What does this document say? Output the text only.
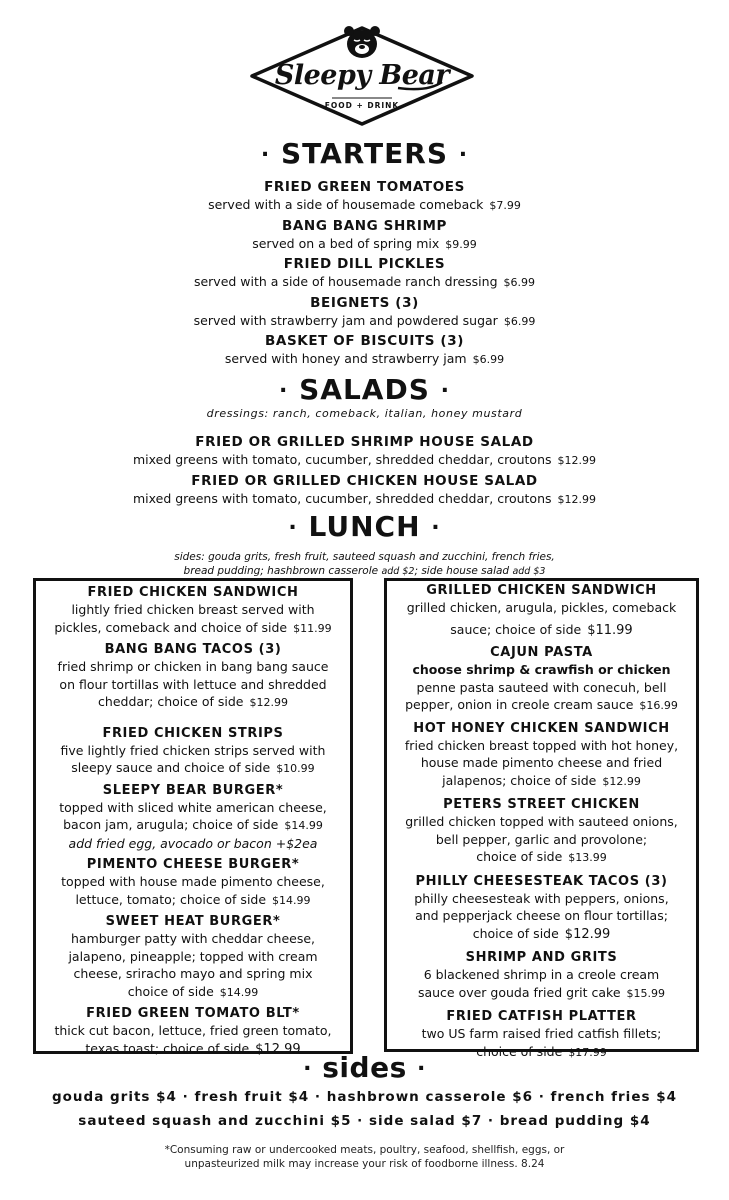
Sleepy Bear
FOOD + DRINK
· STARTERS ·
FRIED GREEN TOMATOES
served with a side of housemade comeback $7.99
BANG BANG SHRIMP
served on a bed of spring mix $9.99
FRIED DILL PICKLES
served with a side of housemade ranch dressing $6.99
BEIGNETS (3)
served with strawberry jam and powdered sugar $6.99
BASKET OF BISCUITS (3)
served with honey and strawberry jam $6.99
· SALADS ·
dressings: ranch, comeback, italian, honey mustard
FRIED OR GRILLED SHRIMP HOUSE SALAD
mixed greens with tomato, cucumber, shredded cheddar, croutons $12.99
FRIED OR GRILLED CHICKEN HOUSE SALAD
mixed greens with tomato, cucumber, shredded cheddar, croutons $12.99
· LUNCH ·
sides: gouda grits, fresh fruit, sauteed squash and zucchini, french fries,
bread pudding; hashbrown casserole add $2; side house salad add $3
FRIED CHICKEN SANDWICH
lightly fried chicken breast served with
pickles, comeback and choice of side $11.99
BANG BANG TACOS (3)
fried shrimp or chicken in bang bang sauce
on flour tortillas with lettuce and shredded
cheddar; choice of side $12.99
FRIED CHICKEN STRIPS
five lightly fried chicken strips served with
sleepy sauce and choice of side $10.99
SLEEPY BEAR BURGER*
topped with sliced white american cheese,
bacon jam, arugula; choice of side $14.99
add fried egg, avocado or bacon +$2ea
PIMENTO CHEESE BURGER*
topped with house made pimento cheese,
lettuce, tomato; choice of side $14.99
SWEET HEAT BURGER*
hamburger patty with cheddar cheese,
jalapeno, pineapple; topped with cream
cheese, sriracho mayo and spring mix
choice of side $14.99
FRIED GREEN TOMATO BLT*
thick cut bacon, lettuce, fried green tomato,
texas toast; choice of side $12.99
GRILLED CHICKEN SANDWICH
grilled chicken, arugula, pickles, comeback
sauce; choice of side $11.99
CAJUN PASTA
choose shrimp & crawfish or chicken
penne pasta sauteed with conecuh, bell
pepper, onion in creole cream sauce $16.99
HOT HONEY CHICKEN SANDWICH
fried chicken breast topped with hot honey,
house made pimento cheese and fried
jalapenos; choice of side $12.99
PETERS STREET CHICKEN
grilled chicken topped with sauteed onions,
bell pepper, garlic and provolone;
choice of side $13.99
PHILLY CHEESESTEAK TACOS (3)
philly cheesesteak with peppers, onions,
and pepperjack cheese on flour tortillas;
choice of side $12.99
SHRIMP AND GRITS
6 blackened shrimp in a creole cream
sauce over gouda fried grit cake $15.99
FRIED CATFISH PLATTER
two US farm raised fried catfish fillets;
choice of side $17.99
· sides ·
gouda grits $4 · fresh fruit $4 · hashbrown casserole $6 · french fries $4
sauteed squash and zucchini $5 · side salad $7 · bread pudding $4
*Consuming raw or undercooked meats, poultry, seafood, shellfish, eggs, or
unpasteurized milk may increase your risk of foodborne illness. 8.24
